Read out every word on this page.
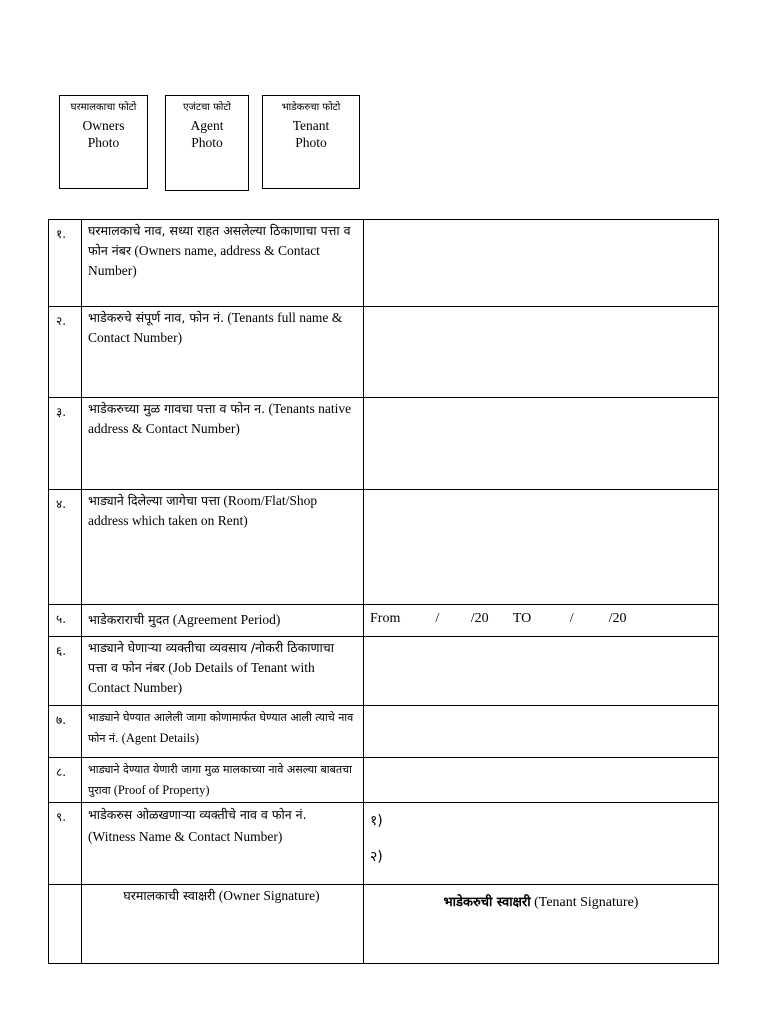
घरमालकाचा फोटो
Owners
Photo
एजंटचा फोटो
Agent
Photo
भाडेकरुचा फोटो
Tenant
Photo
१.	घरमालकाचे नाव, सध्या राहत असलेल्या ठिकाणाचा पत्ता व फोन नंबर (Owners name, address & Contact Number)	
२.	भाडेकरुचे संपूर्ण नाव, फोन नं. (Tenants full name & Contact Number)	
३.	भाडेकरुच्या मुळ गावचा पत्ता व फोन न. (Tenants native address & Contact Number)	
४.	भाड्याने दिलेल्या जागेचा पत्ता (Room/Flat/Shop address which taken on Rent)	
५.	भाडेकराराची मुदत (Agreement Period)	From          /         /20       TO           /          /20
६.	भाड्याने घेणाऱ्या व्यक्तीचा व्यवसाय /नोकरी ठिकाणाचा पत्ता व फोन नंबर (Job Details of Tenant with Contact Number)	
७.	भाड्याने घेण्यात आलेली जागा कोणामार्फत घेण्यात आली त्याचे नाव फोन नं. (Agent Details)	
८.	भाड्याने देण्यात येणारी जागा मुळ मालकाच्या नावे असल्या बाबतचा पुरावा (Proof of Property)	
९.	भाडेकरुस ओळखणाऱ्या व्यक्तीचे नाव व फोन नं. (Witness Name & Contact Number)	१)
२)

	घरमालकाची स्वाक्षरी (Owner Signature)	भाडेकरुची स्वाक्षरी (Tenant Signature)
